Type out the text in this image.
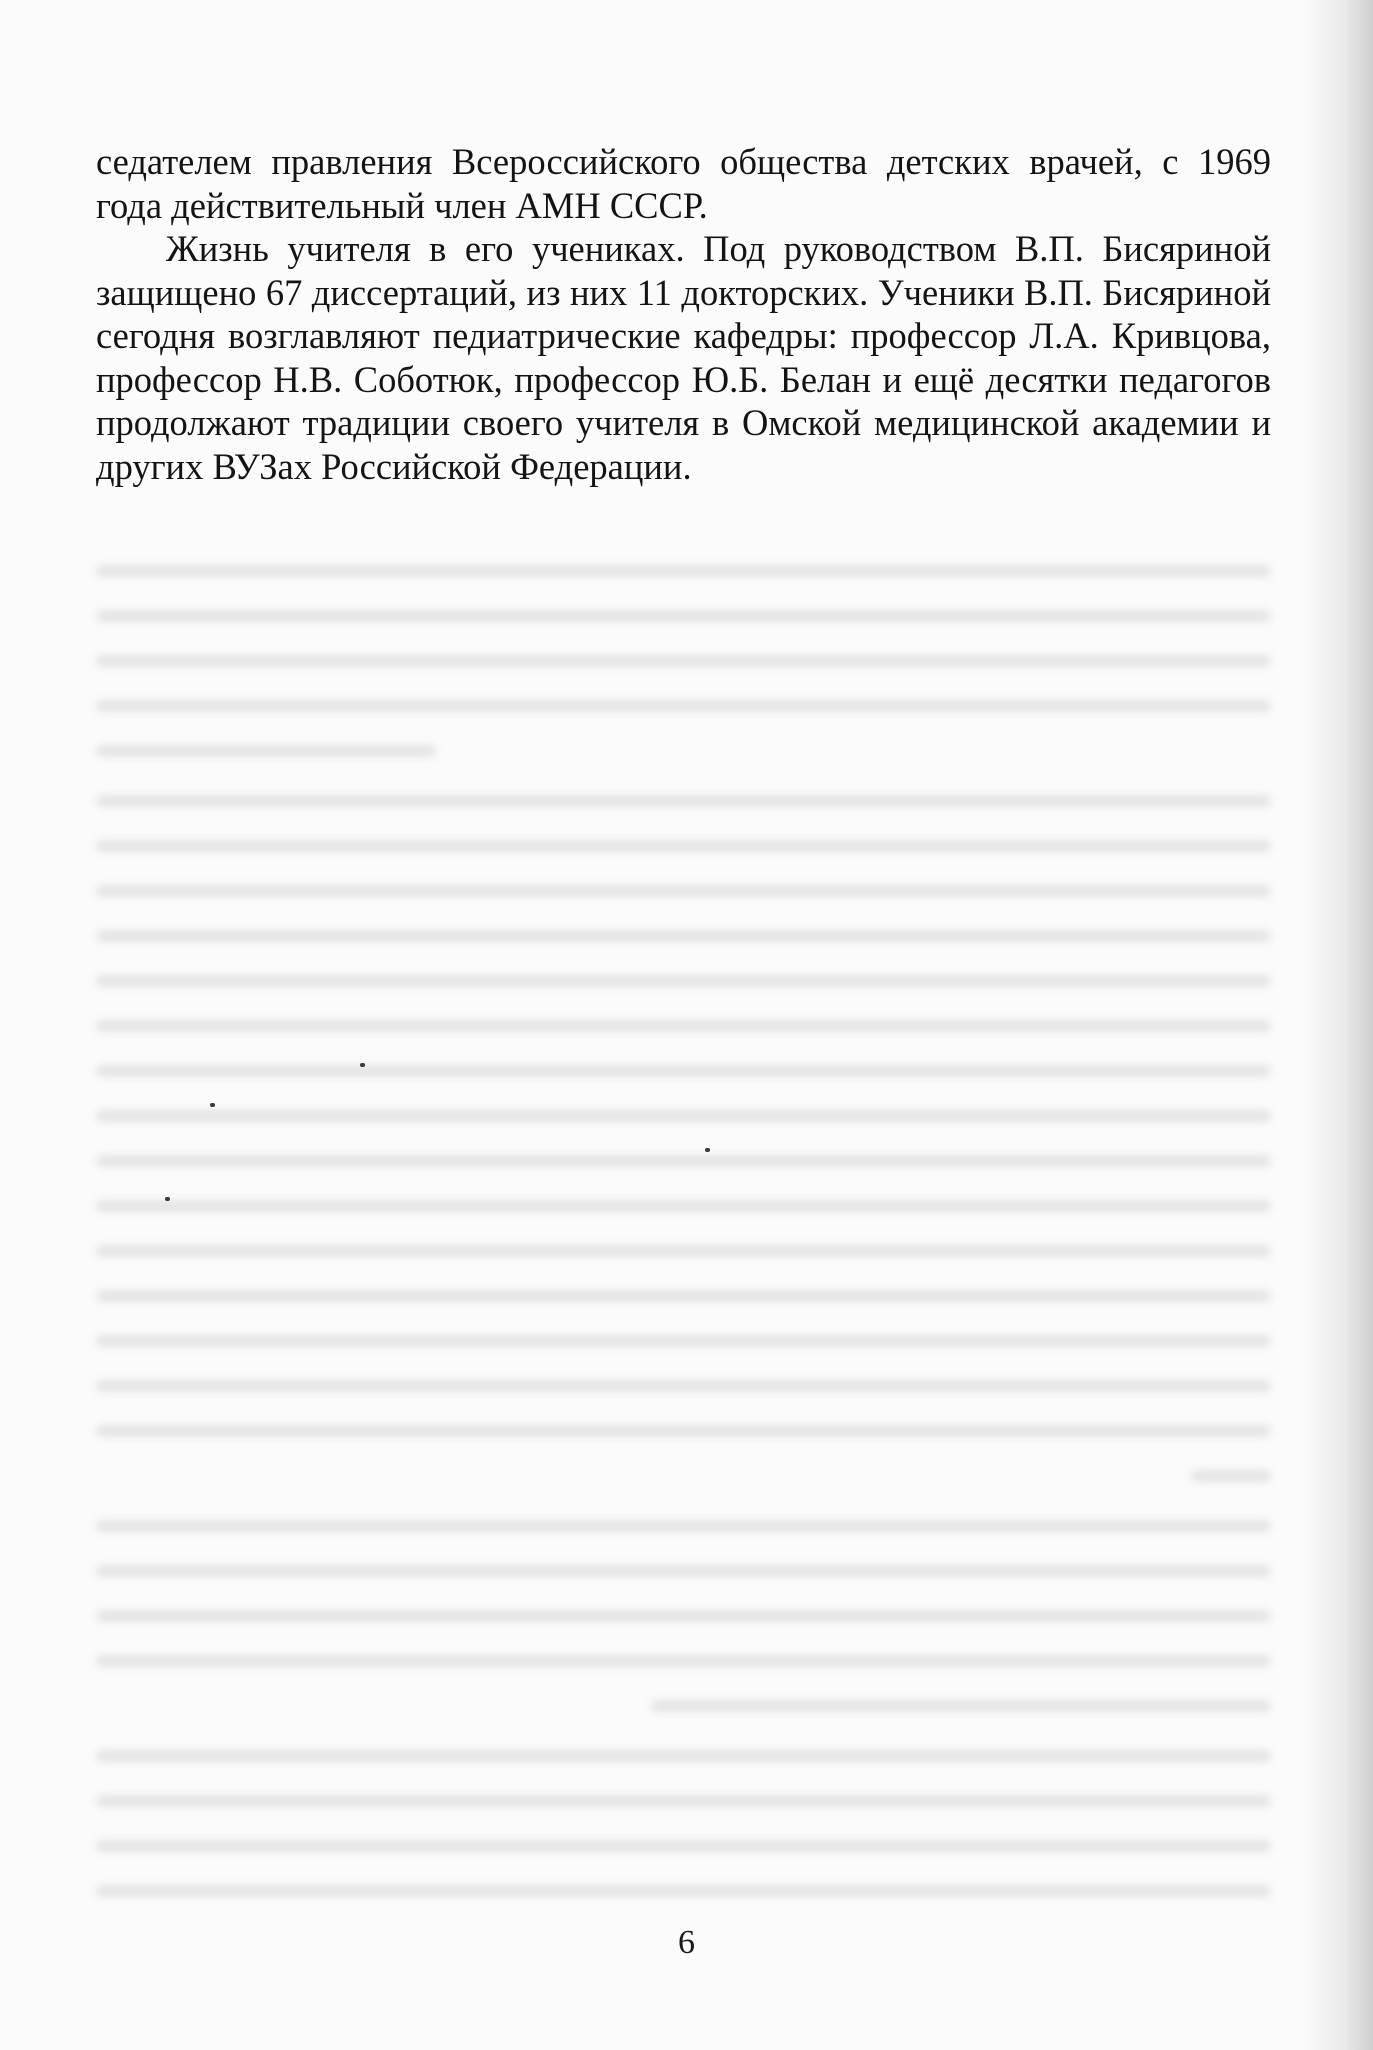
седателем правления Всероссийского общества детских врачей, с 1969 года действительный член АМН СССР.

Жизнь учителя в его учениках. Под руководством В.П. Бисяриной защищено 67 диссертаций, из них 11 докторских. Ученики В.П. Бисяриной сегодня возглавляют педиатрические кафедры: профессор Л.А. Кривцова, профессор Н.В. Соботюк, профессор Ю.Б. Белан и ещё десятки педагогов продолжают традиции своего учителя в Омской медицинской академии и других ВУЗах Российской Федерации.

6
